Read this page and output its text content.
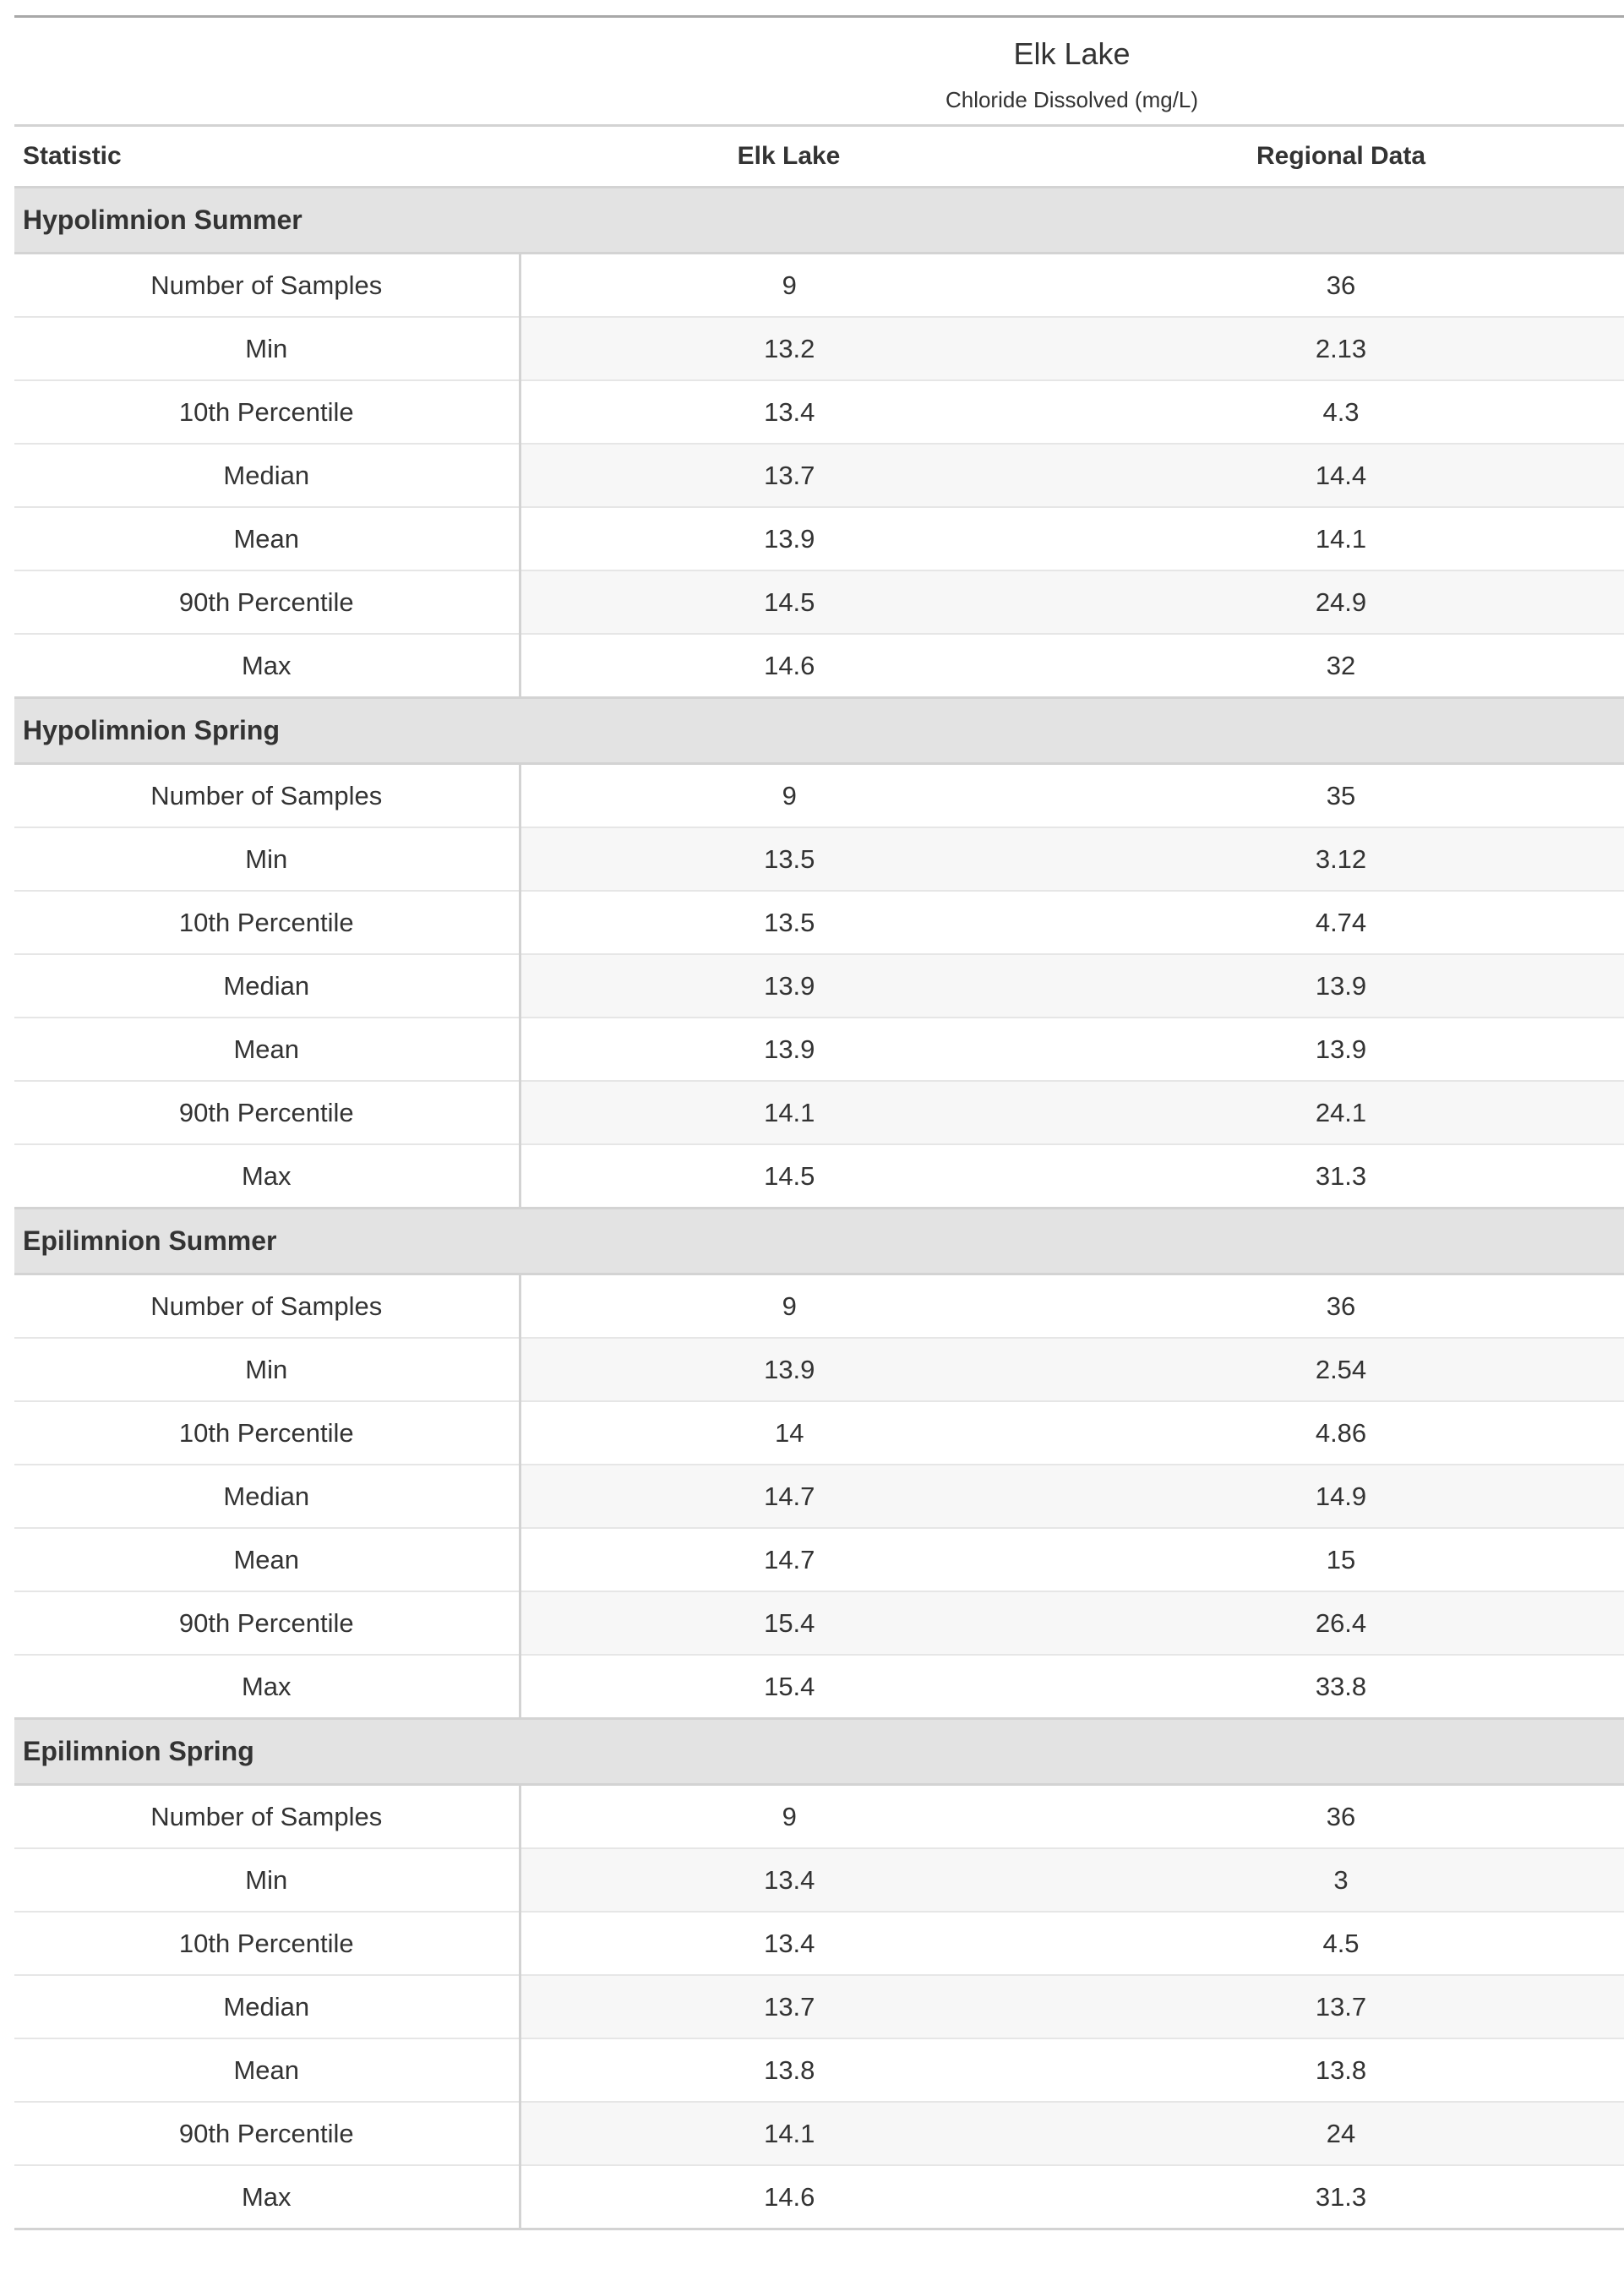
	Elk Lake	

	Chloride Dissolved (mg/L)	

Statistic	Elk Lake	Regional Data
Hypolimnion Summer		
Number of Samples	9	36
Min	13.2	2.13
10th Percentile	13.4	4.3
Median	13.7	14.4
Mean	13.9	14.1
90th Percentile	14.5	24.9
Max	14.6	32
Hypolimnion Spring		
Number of Samples	9	35
Min	13.5	3.12
10th Percentile	13.5	4.74
Median	13.9	13.9
Mean	13.9	13.9
90th Percentile	14.1	24.1
Max	14.5	31.3
Epilimnion Summer		
Number of Samples	9	36
Min	13.9	2.54
10th Percentile	14	4.86
Median	14.7	14.9
Mean	14.7	15
90th Percentile	15.4	26.4
Max	15.4	33.8
Epilimnion Spring		
Number of Samples	9	36
Min	13.4	3
10th Percentile	13.4	4.5
Median	13.7	13.7
Mean	13.8	13.8
90th Percentile	14.1	24
Max	14.6	31.3
